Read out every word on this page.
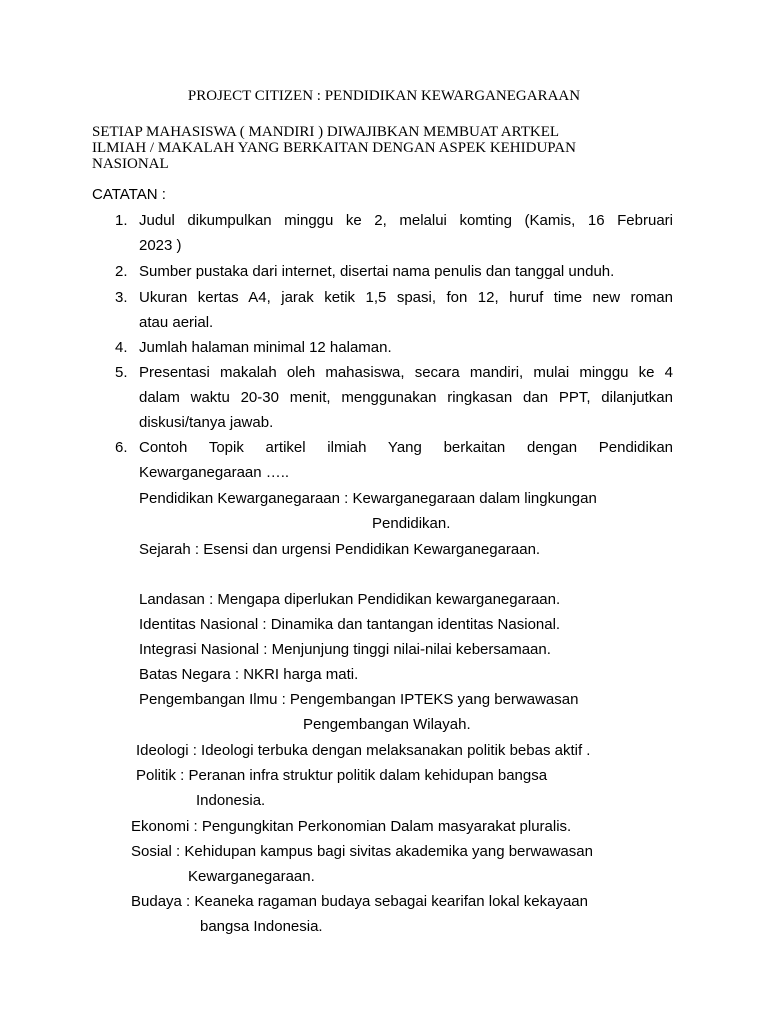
PROJECT CITIZEN : PENDIDIKAN KEWARGANEGARAAN
SETIAP MAHASISWA ( MANDIRI ) DIWAJIBKAN MEMBUAT ARTKEL
ILMIAH / MAKALAH YANG BERKAITAN DENGAN ASPEK KEHIDUPAN
NASIONAL
CATATAN :
1. Judul dikumpulkan minggu ke 2, melalui komting (Kamis, 16 Februari
2023 )
2. Sumber pustaka dari internet, disertai nama penulis dan tanggal unduh.
3. Ukuran kertas A4, jarak ketik 1,5 spasi, fon 12, huruf time new roman
atau aerial.
4. Jumlah halaman minimal 12 halaman.
5. Presentasi makalah oleh mahasiswa, secara mandiri, mulai minggu ke 4
dalam waktu 20-30 menit, menggunakan ringkasan dan PPT, dilanjutkan
diskusi/tanya jawab.
6. Contoh Topik artikel ilmiah Yang berkaitan dengan Pendidikan
Kewarganegaraan …..
Pendidikan Kewarganegaraan : Kewarganegaraan dalam lingkungan
Pendidikan.
Sejarah : Esensi dan urgensi Pendidikan Kewarganegaraan.
Landasan : Mengapa diperlukan Pendidikan kewarganegaraan.
Identitas Nasional : Dinamika dan tantangan identitas Nasional.
Integrasi Nasional : Menjunjung tinggi nilai-nilai kebersamaan.
Batas Negara : NKRI harga mati.
Pengembangan Ilmu : Pengembangan IPTEKS yang berwawasan
Pengembangan Wilayah.
Ideologi : Ideologi terbuka dengan melaksanakan politik bebas aktif .
Politik : Peranan infra struktur politik dalam kehidupan bangsa
Indonesia.
Ekonomi : Pengungkitan Perkonomian Dalam masyarakat pluralis.
Sosial : Kehidupan kampus bagi sivitas akademika yang berwawasan
Kewarganegaraan.
Budaya : Keaneka ragaman budaya sebagai kearifan lokal kekayaan
bangsa Indonesia.
